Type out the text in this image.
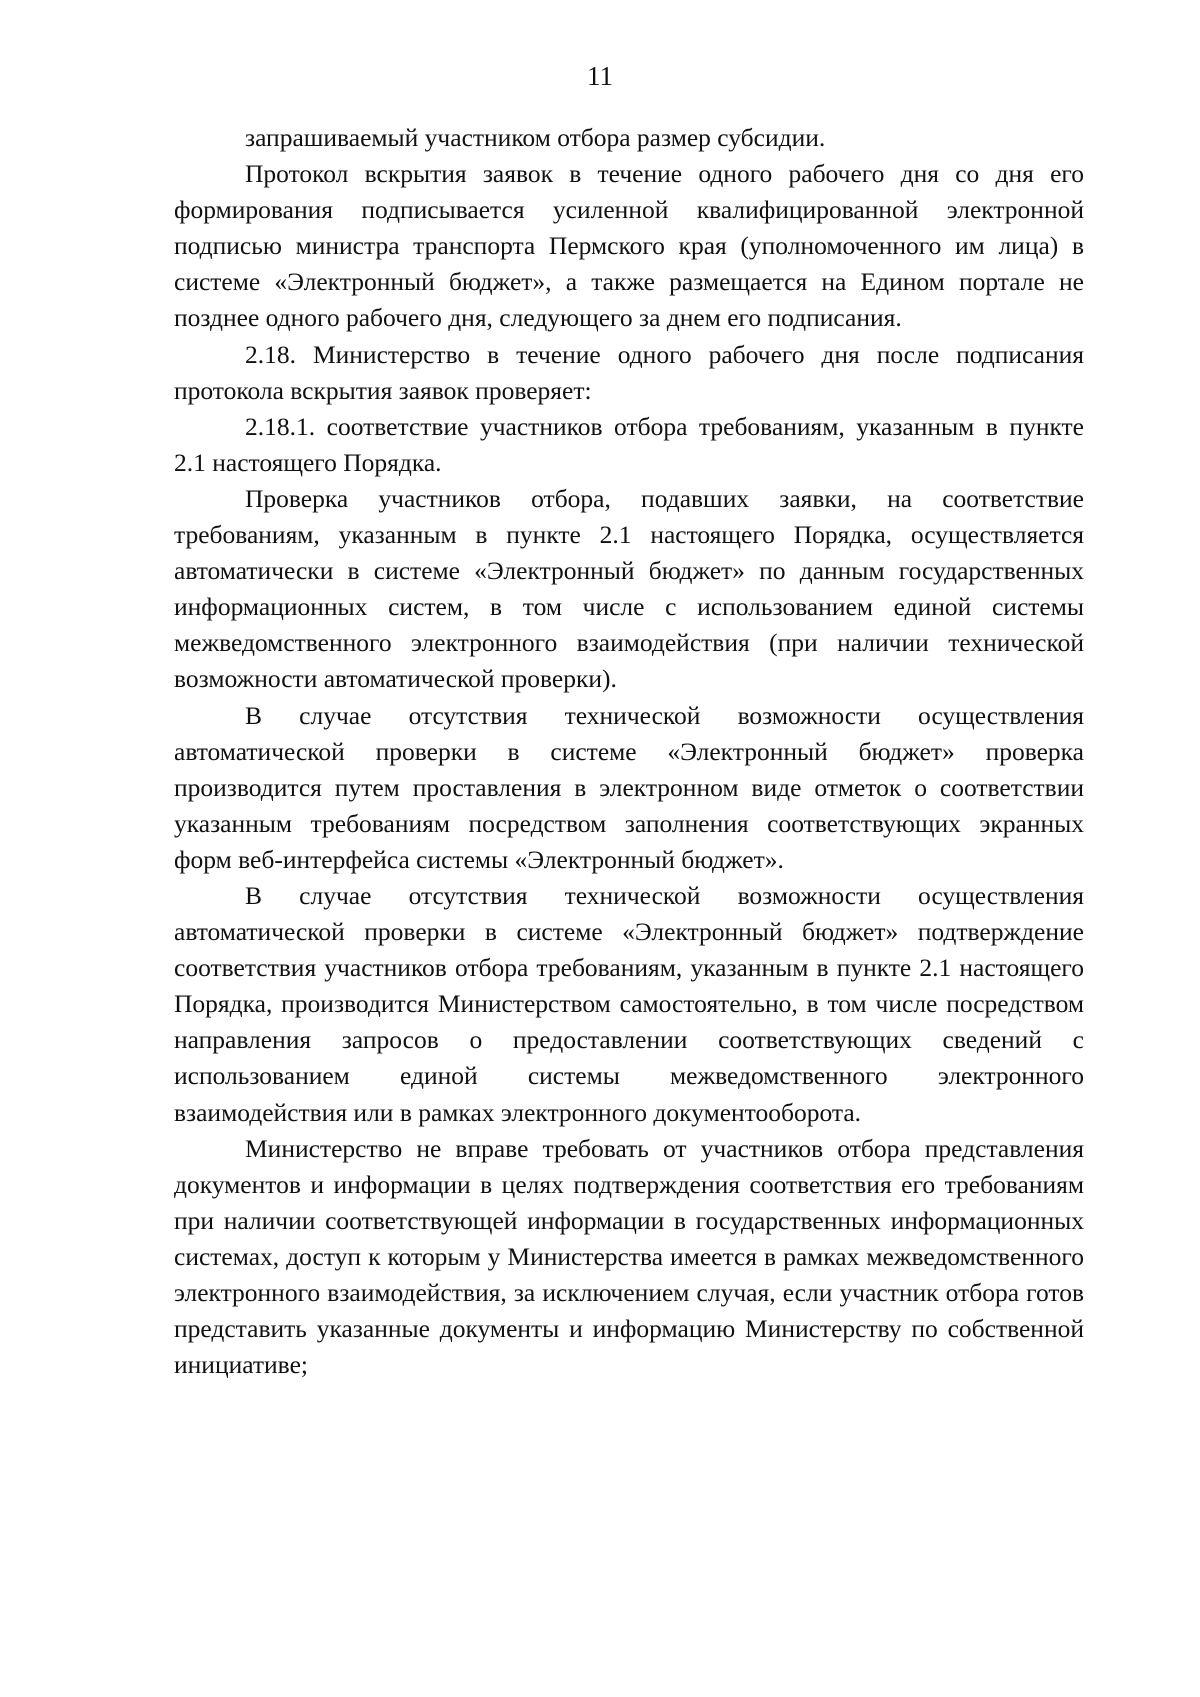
11

запрашиваемый участником отбора размер субсидии.

Протокол вскрытия заявок в течение одного рабочего дня со дня его формирования подписывается усиленной квалифицированной электронной подписью министра транспорта Пермского края (уполномоченного им лица) в системе «Электронный бюджет», а также размещается на Едином портале не позднее одного рабочего дня, следующего за днем его подписания.

2.18. Министерство в течение одного рабочего дня после подписания протокола вскрытия заявок проверяет:

2.18.1. соответствие участников отбора требованиям, указанным в пункте 2.1 настоящего Порядка.

Проверка участников отбора, подавших заявки, на соответствие требованиям, указанным в пункте 2.1 настоящего Порядка, осуществляется автоматически в системе «Электронный бюджет» по данным государственных информационных систем, в том числе с использованием единой системы межведомственного электронного взаимодействия (при наличии технической возможности автоматической проверки).

В случае отсутствия технической возможности осуществления автоматической проверки в системе «Электронный бюджет» проверка производится путем проставления в электронном виде отметок о соответствии указанным требованиям посредством заполнения соответствующих экранных форм веб-интерфейса системы «Электронный бюджет».

В случае отсутствия технической возможности осуществления автоматической проверки в системе «Электронный бюджет» подтверждение соответствия участников отбора требованиям, указанным в пункте 2.1 настоящего Порядка, производится Министерством самостоятельно, в том числе посредством направления запросов о предоставлении соответствующих сведений с использованием единой системы межведомственного электронного взаимодействия или в рамках электронного документооборота.

Министерство не вправе требовать от участников отбора представления документов и информации в целях подтверждения соответствия его требованиям при наличии соответствующей информации в государственных информационных системах, доступ к которым у Министерства имеется в рамках межведомственного электронного взаимодействия, за исключением случая, если участник отбора готов представить указанные документы и информацию Министерству по собственной инициативе;
